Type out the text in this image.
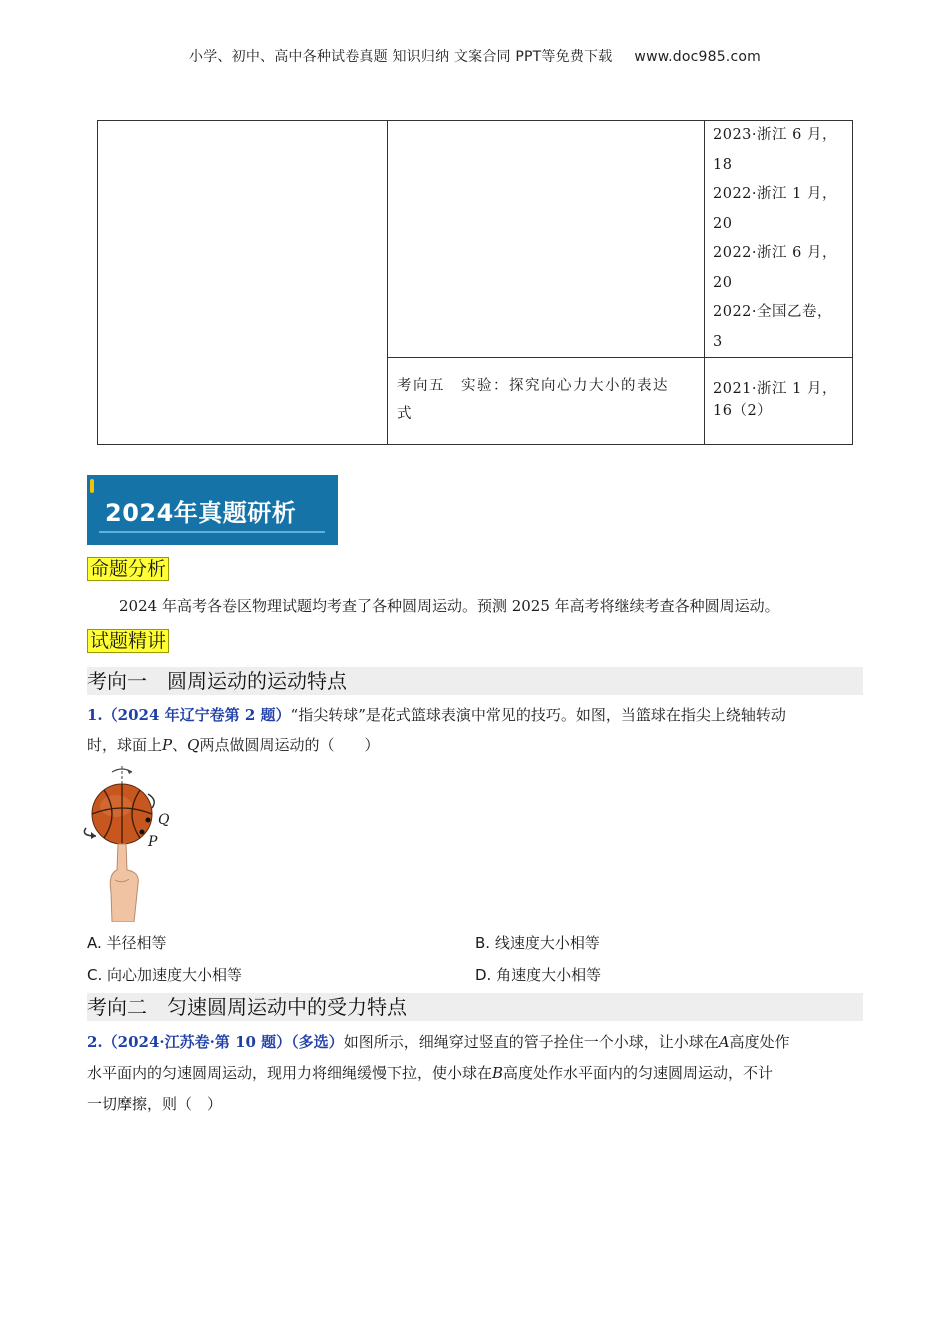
小学、初中、高中各种试卷真题 知识归纳 文案合同 PPT等免费下载 www.doc985.com
2023·浙江 6 月，
18
2022·浙江 1 月，
20
2022·浙江 6 月，
20
2022·全国乙卷，
3
考向五　实验：探究向心力大小的表达
式
2021·浙江 1 月，
16（2）
2024年真题研析
命题分析
2024 年高考各卷区物理试题均考查了各种圆周运动。预测 2025 年高考将继续考查各种圆周运动。
试题精讲
考向一　圆周运动的运动特点
1.（2024 年辽宁卷第 2 题）“指尖转球”是花式篮球表演中常见的技巧。如图，当篮球在指尖上绕轴转动
时，球面上P、Q两点做圆周运动的（　　）
Q
P
A. 半径相等	B. 线速度大小相等
C. 向心加速度大小相等	D. 角速度大小相等
考向二　匀速圆周运动中的受力特点
2.（2024·江苏卷·第 10 题）（多选）如图所示，细绳穿过竖直的管子拴住一个小球，让小球在A高度处作
水平面内的匀速圆周运动，现用力将细绳缓慢下拉，使小球在B高度处作水平面内的匀速圆周运动，不计
一切摩擦，则（　）
